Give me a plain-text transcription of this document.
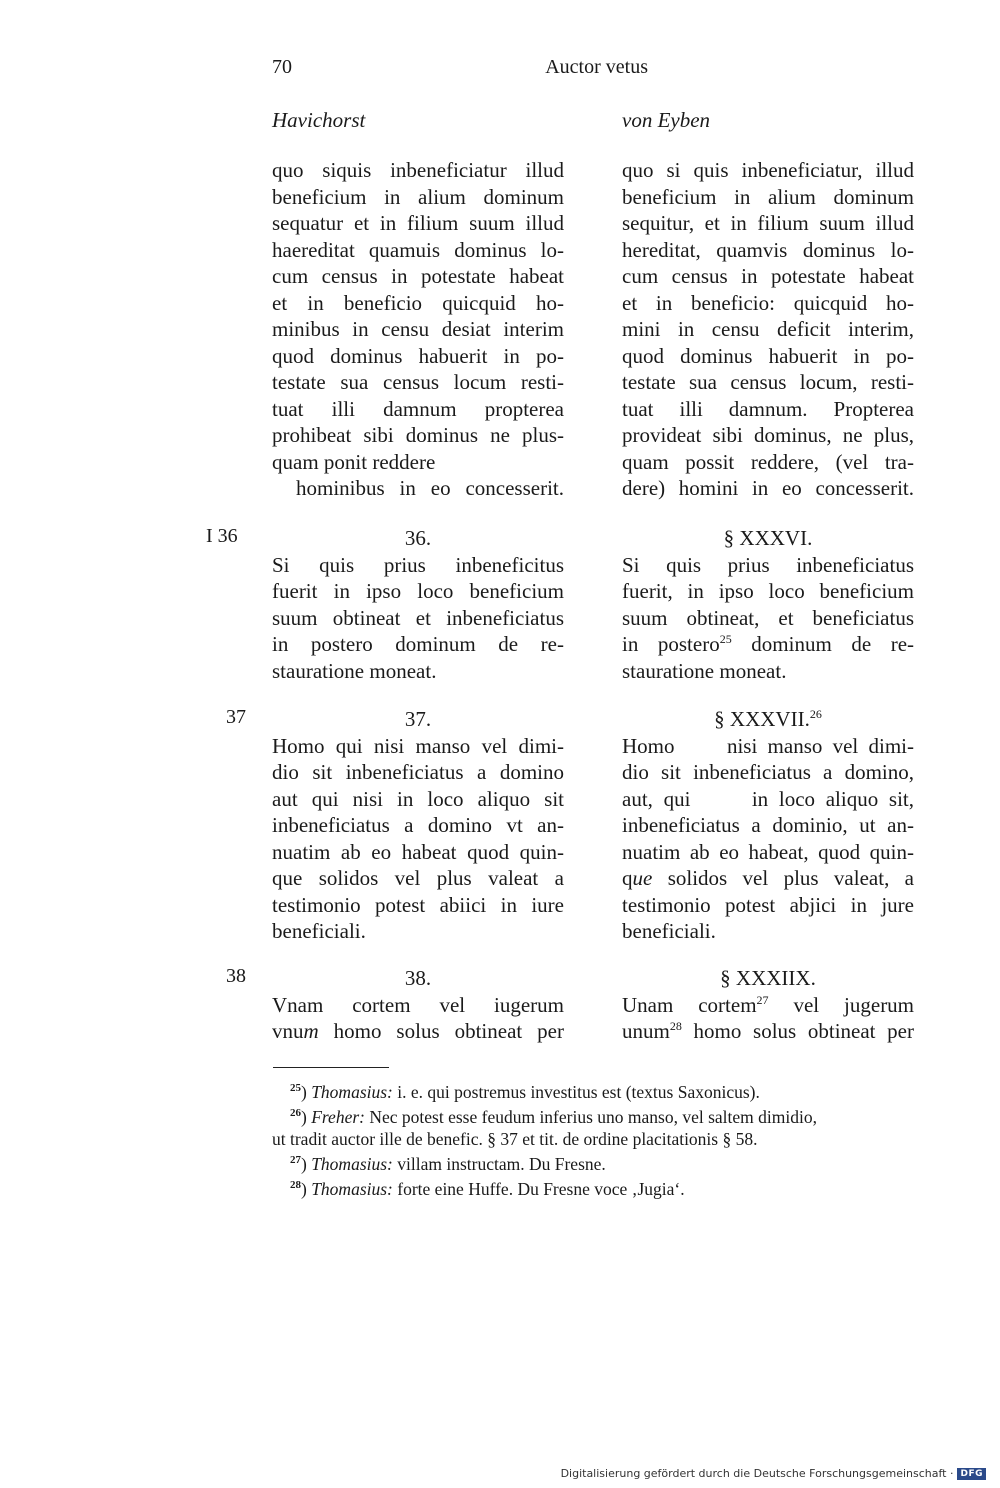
70	Auctor vetus
Havichorst	von Eyben
quo siquis inbeneficiatur illud
beneficium in alium dominum
sequatur et in filium suum illud
haereditat quamuis dominus lo-
cum census in potestate habeat
et in beneficio quicquid ho-
minibus in censu desiat interim
quod dominus habuerit in po-
testate sua census locum resti-
tuat illi damnum propterea
prohibeat sibi dominus ne plus-
quam ponit reddere
hominibus in eo concesserit.
quo si quis inbeneficiatur, illud
beneficium in alium dominum
sequitur, et in filium suum illud
hereditat, quamvis dominus lo-
cum census in potestate habeat
et in beneficio: quicquid ho-
mini in censu deficit interim,
quod dominus habuerit in po-
testate sua census locum, resti-
tuat illi damnum. Propterea
provideat sibi dominus, ne plus,
quam possit reddere, (vel tra-
dere) homini in eo concesserit.
I 36	36.
Si quis prius inbeneficitus
fuerit in ipso loco beneficium
suum obtineat et inbeneficiatus
in postero dominum de re-
stauratione moneat.
§ XXXVI.
Si quis prius inbeneficiatus
fuerit, in ipso loco beneficium
suum obtineat, et beneficiatus
in postero$^{25}$ dominum de re-
stauratione moneat.
37	37.
Homo qui nisi manso vel dimi-
dio sit inbeneficiatus a domino
aut qui nisi in loco aliquo sit
inbeneficiatus a domino vt an-
nuatim ab eo habeat quod quin-
que solidos vel plus valeat a
testimonio potest abiici in iure
beneficiali.
§ XXXVII.$^{26}$
Homo nisi manso vel dimi-
dio sit inbeneficiatus a domino,
aut, qui	in loco aliquo sit,
inbeneficiatus a dominio, ut an-
nuatim ab eo habeat, quod quin-
que solidos vel plus valeat, a
testimonio potest abjici in jure
beneficiali.
38	38.
Vnam cortem vel iugerum
vnum homo solus obtineat per
§ XXXIIX.
Unam cortem$^{27}$ vel jugerum
unum$^{28}$ homo solus obtineat per
$^{25}$) Thomasius: i. e. qui postremus investitus est (textus Saxonicus).
$^{26}$) Freher: Nec potest esse feudum inferius uno manso, vel saltem dimidio,
ut tradit auctor ille de benefic. § 37 et tit. de ordine placitationis § 58.
$^{27}$) Thomasius: villam instructam. Du Fresne.
$^{28}$) Thomasius: forte eine Huffe. Du Fresne voce ‚Jugia‘.
Digitalisierung gefördert durch die Deutsche Forschungsgemeinschaft · DFG
